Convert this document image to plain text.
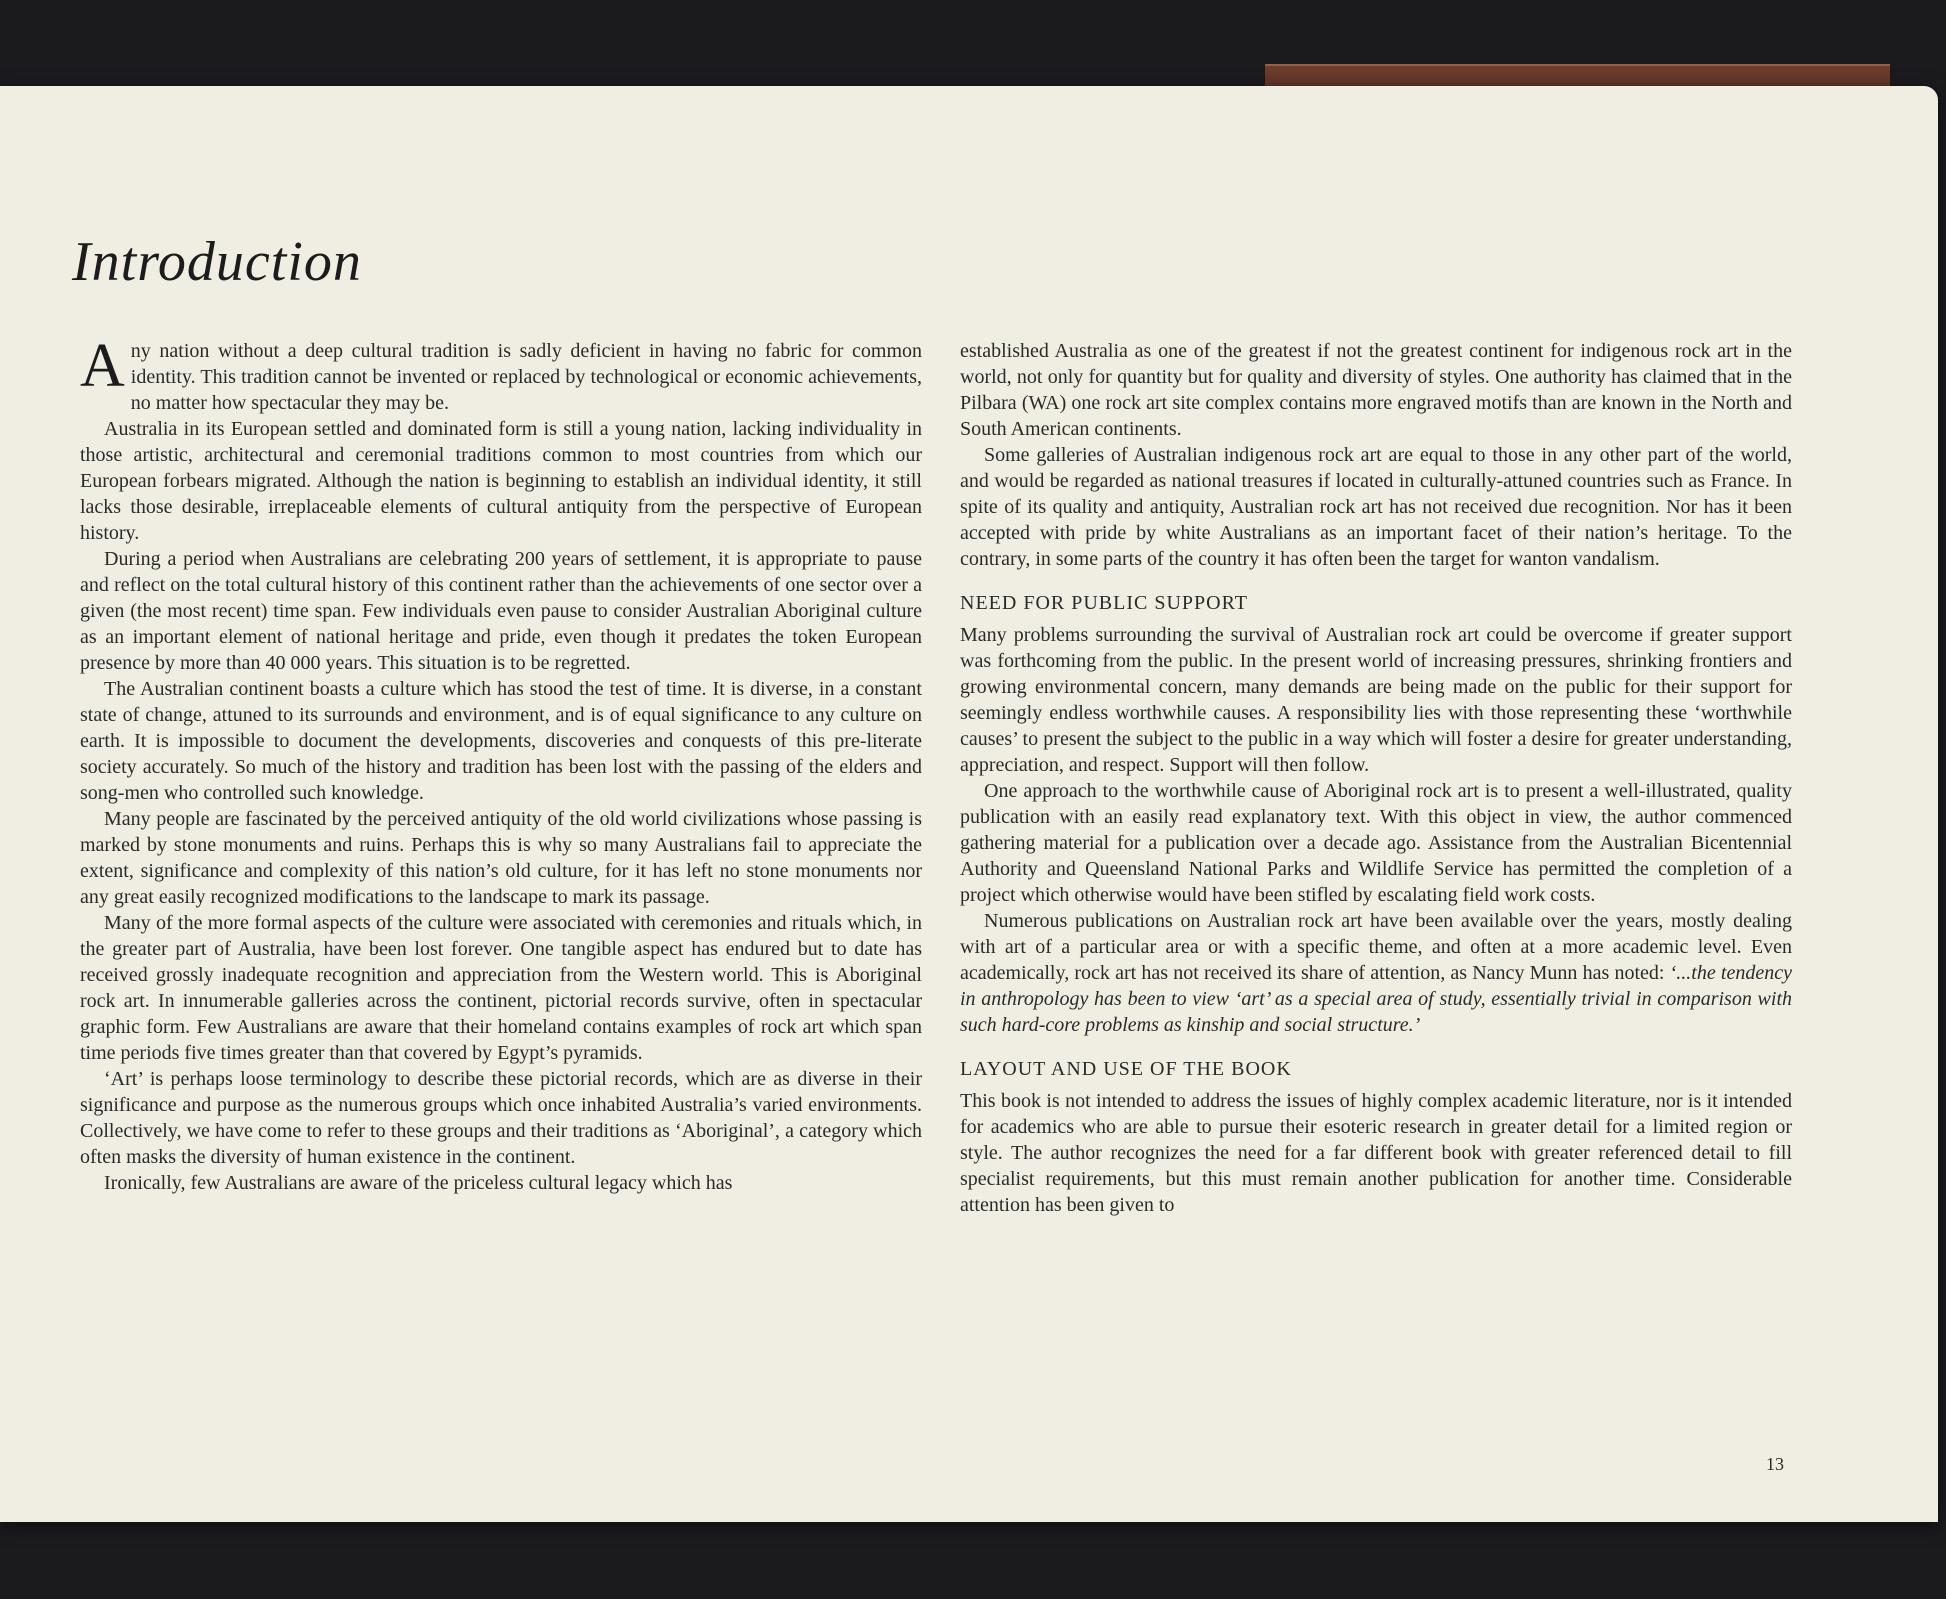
Introduction

Any nation without a deep cultural tradition is sadly deficient in having no fabric for common identity. This tradition cannot be invented or replaced by technological or economic achievements, no matter how spectacular they may be.

Australia in its European settled and dominated form is still a young nation, lacking individuality in those artistic, architectural and ceremonial traditions common to most countries from which our European forbears migrated. Although the nation is beginning to establish an individual identity, it still lacks those desirable, irreplaceable elements of cultural antiquity from the perspective of European history.

During a period when Australians are celebrating 200 years of settlement, it is appropriate to pause and reflect on the total cultural history of this continent rather than the achievements of one sector over a given (the most recent) time span. Few individuals even pause to consider Australian Aboriginal culture as an important element of national heritage and pride, even though it predates the token European presence by more than 40 000 years. This situation is to be regretted.

The Australian continent boasts a culture which has stood the test of time. It is diverse, in a constant state of change, attuned to its surrounds and environment, and is of equal significance to any culture on earth. It is impossible to document the developments, discoveries and conquests of this pre-literate society accurately. So much of the history and tradition has been lost with the passing of the elders and song-men who controlled such knowledge.

Many people are fascinated by the perceived antiquity of the old world civilizations whose passing is marked by stone monuments and ruins. Perhaps this is why so many Australians fail to appreciate the extent, significance and complexity of this nation’s old culture, for it has left no stone monuments nor any great easily recognized modifications to the landscape to mark its passage.

Many of the more formal aspects of the culture were associated with ceremonies and rituals which, in the greater part of Australia, have been lost forever. One tangible aspect has endured but to date has received grossly inadequate recognition and appreciation from the Western world. This is Aboriginal rock art. In innumerable galleries across the continent, pictorial records survive, often in spectacular graphic form. Few Australians are aware that their homeland contains examples of rock art which span time periods five times greater than that covered by Egypt’s pyramids.

‘Art’ is perhaps loose terminology to describe these pictorial records, which are as diverse in their significance and purpose as the numerous groups which once inhabited Australia’s varied environments. Collectively, we have come to refer to these groups and their traditions as ‘Aboriginal’, a category which often masks the diversity of human existence in the continent.

Ironically, few Australians are aware of the priceless cultural legacy which has

established Australia as one of the greatest if not the greatest continent for indigenous rock art in the world, not only for quantity but for quality and diversity of styles. One authority has claimed that in the Pilbara (WA) one rock art site complex contains more engraved motifs than are known in the North and South American continents.

Some galleries of Australian indigenous rock art are equal to those in any other part of the world, and would be regarded as national treasures if located in culturally-attuned countries such as France. In spite of its quality and antiquity, Australian rock art has not received due recognition. Nor has it been accepted with pride by white Australians as an important facet of their nation’s heritage. To the contrary, in some parts of the country it has often been the target for wanton vandalism.

NEED FOR PUBLIC SUPPORT

Many problems surrounding the survival of Australian rock art could be overcome if greater support was forthcoming from the public. In the present world of increasing pressures, shrinking frontiers and growing environmental concern, many demands are being made on the public for their support for seemingly endless worthwhile causes. A responsibility lies with those representing these ‘worthwhile causes’ to present the subject to the public in a way which will foster a desire for greater understanding, appreciation, and respect. Support will then follow.

One approach to the worthwhile cause of Aboriginal rock art is to present a well-illustrated, quality publication with an easily read explanatory text. With this object in view, the author commenced gathering material for a publication over a decade ago. Assistance from the Australian Bicentennial Authority and Queensland National Parks and Wildlife Service has permitted the completion of a project which otherwise would have been stifled by escalating field work costs.

Numerous publications on Australian rock art have been available over the years, mostly dealing with art of a particular area or with a specific theme, and often at a more academic level. Even academically, rock art has not received its share of attention, as Nancy Munn has noted: ‘...the tendency in anthropology has been to view ‘art’ as a special area of study, essentially trivial in comparison with such hard-core problems as kinship and social structure.’

LAYOUT AND USE OF THE BOOK

This book is not intended to address the issues of highly complex academic literature, nor is it intended for academics who are able to pursue their esoteric research in greater detail for a limited region or style. The author recognizes the need for a far different book with greater referenced detail to fill specialist requirements, but this must remain another publication for another time. Considerable attention has been given to

13
